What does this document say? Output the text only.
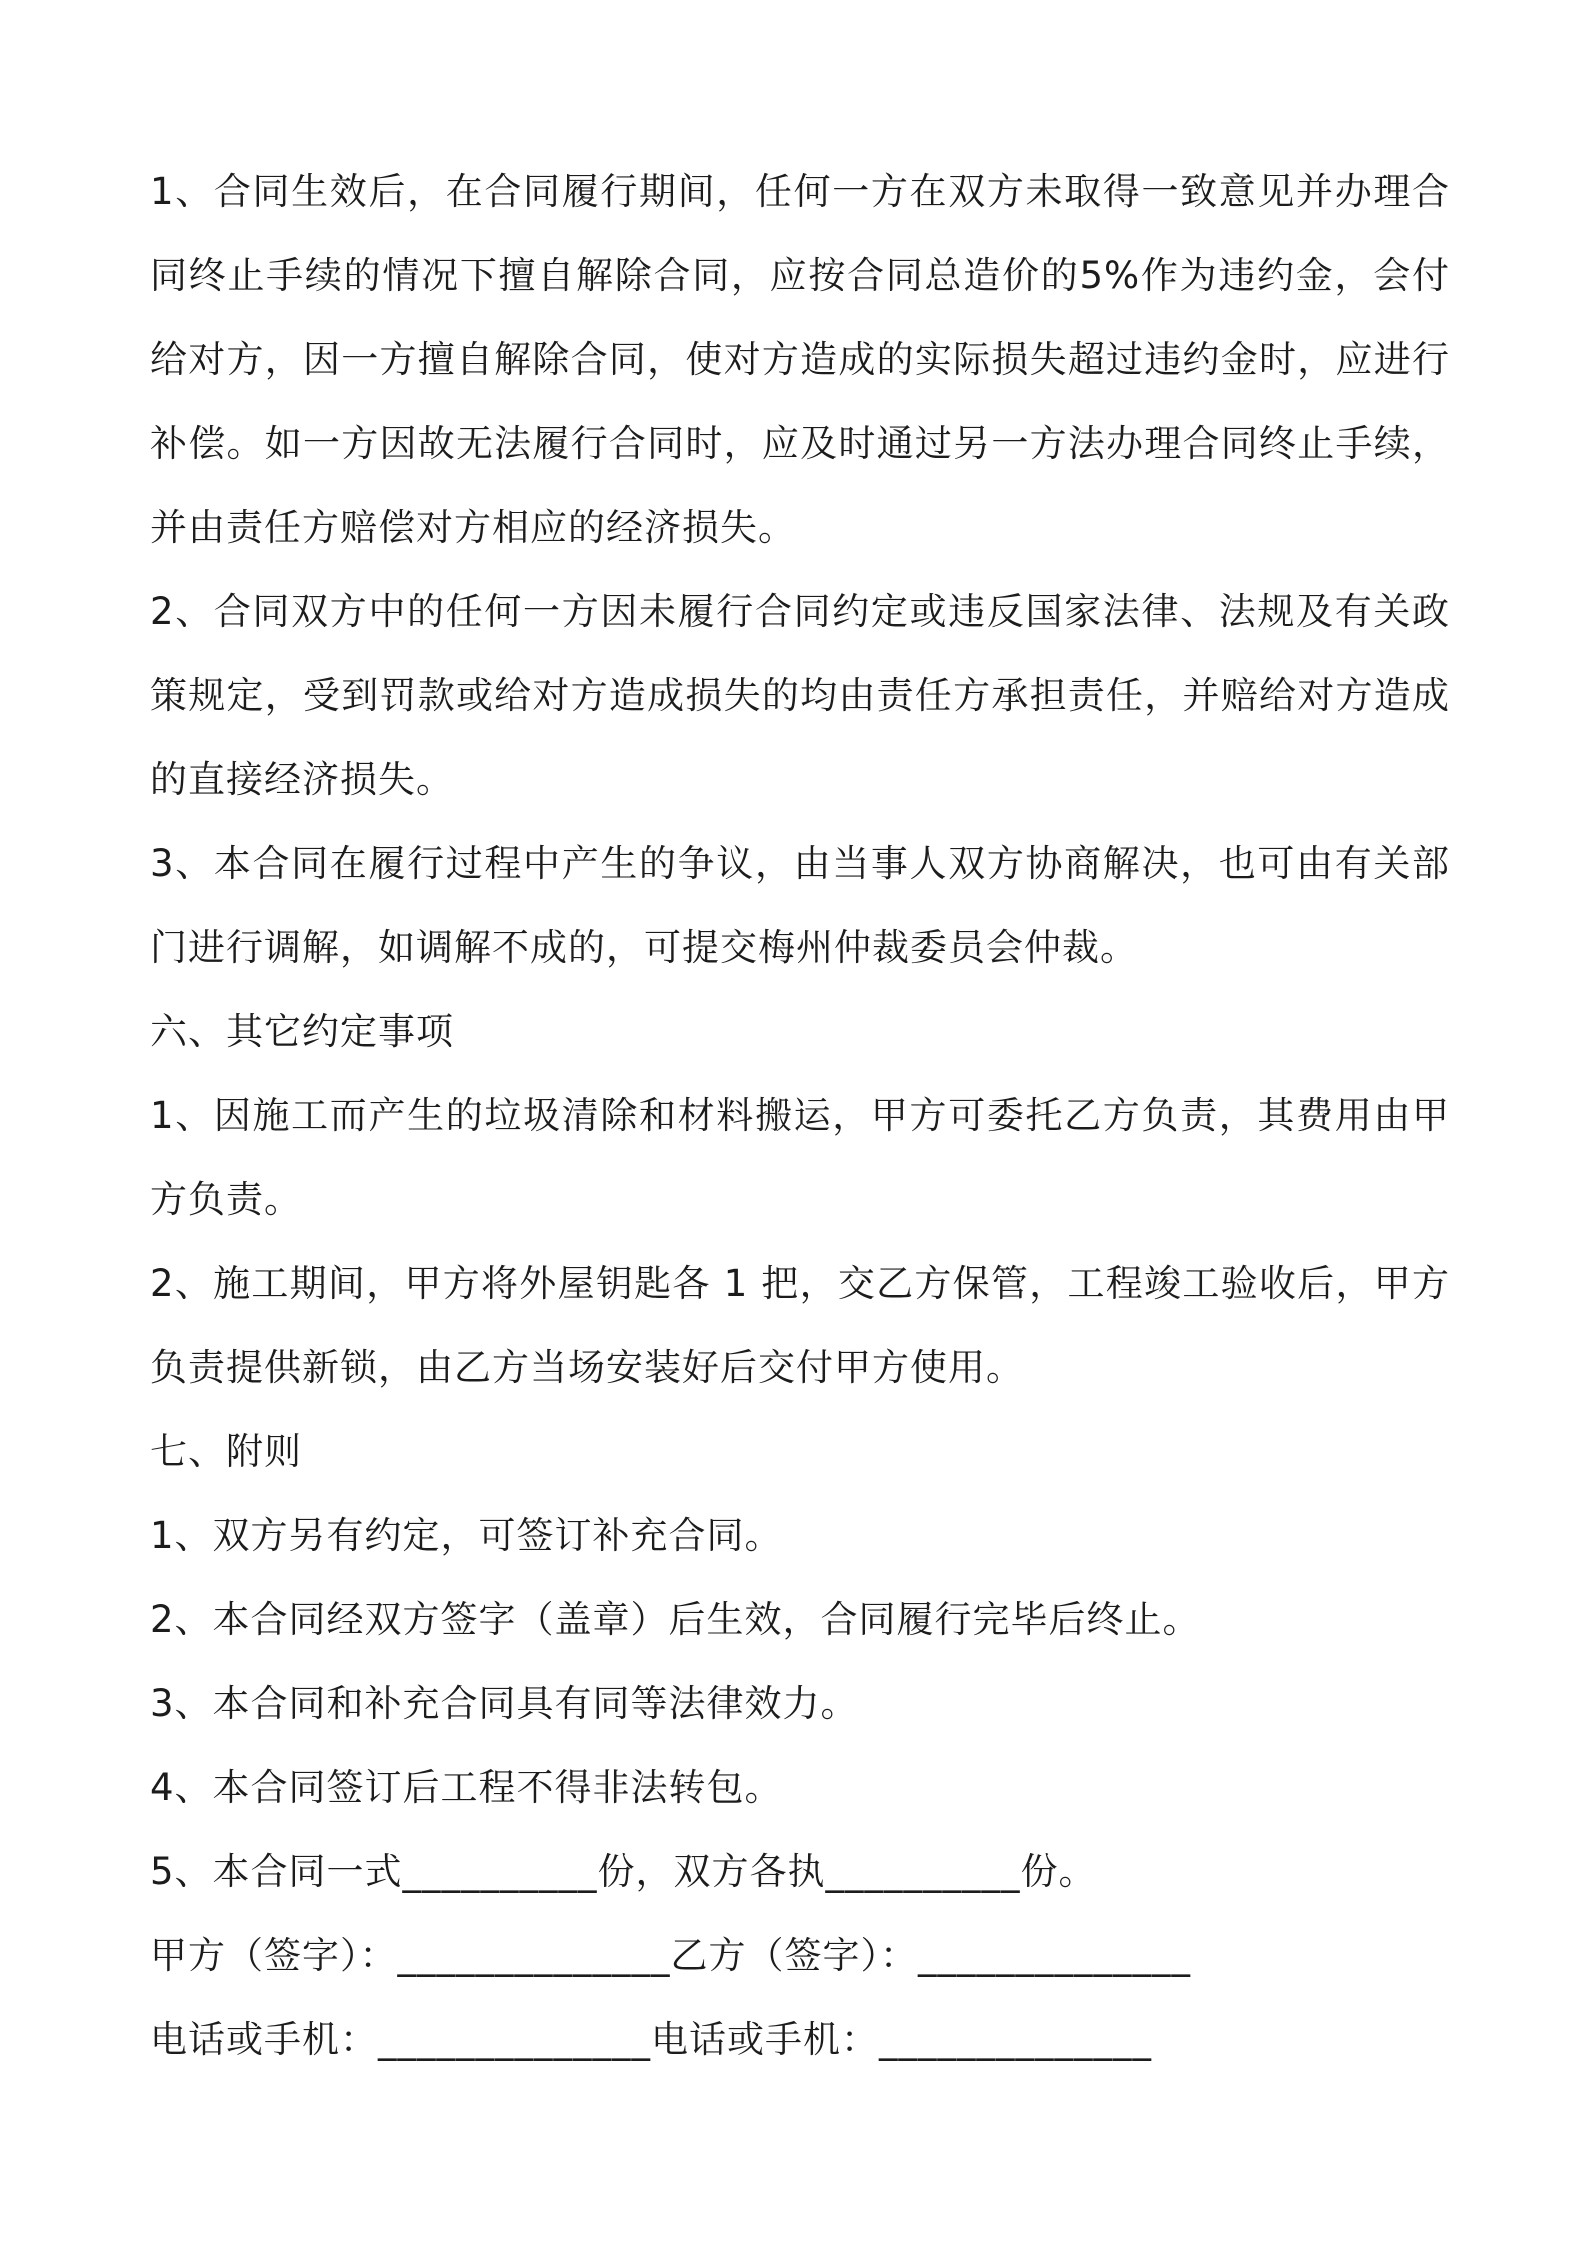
1、合同生效后，在合同履行期间，任何一方在双方未取得一致意见并办理合同终止手续的情况下擅自解除合同，应按合同总造价的5%作为违约金，会付给对方，因一方擅自解除合同，使对方造成的实际损失超过违约金时，应进行补偿。如一方因故无法履行合同时，应及时通过另一方法办理合同终止手续，并由责任方赔偿对方相应的经济损失。

2、合同双方中的任何一方因未履行合同约定或违反国家法律、法规及有关政策规定，受到罚款或给对方造成损失的均由责任方承担责任，并赔给对方造成的直接经济损失。

3、本合同在履行过程中产生的争议，由当事人双方协商解决，也可由有关部门进行调解，如调解不成的，可提交梅州仲裁委员会仲裁。

六、其它约定事项

1、因施工而产生的垃圾清除和材料搬运，甲方可委托乙方负责，其费用由甲方负责。

2、施工期间，甲方将外屋钥匙各 1 把，交乙方保管，工程竣工验收后，甲方负责提供新锁，由乙方当场安装好后交付甲方使用。

七、附则

1、双方另有约定，可签订补充合同。

2、本合同经双方签字（盖章）后生效，合同履行完毕后终止。

3、本合同和补充合同具有同等法律效力。

4、本合同签订后工程不得非法转包。

5、本合同一式__________份，双方各执__________份。

甲方（签字）：______________乙方（签字）：______________

电话或手机：______________电话或手机：______________
